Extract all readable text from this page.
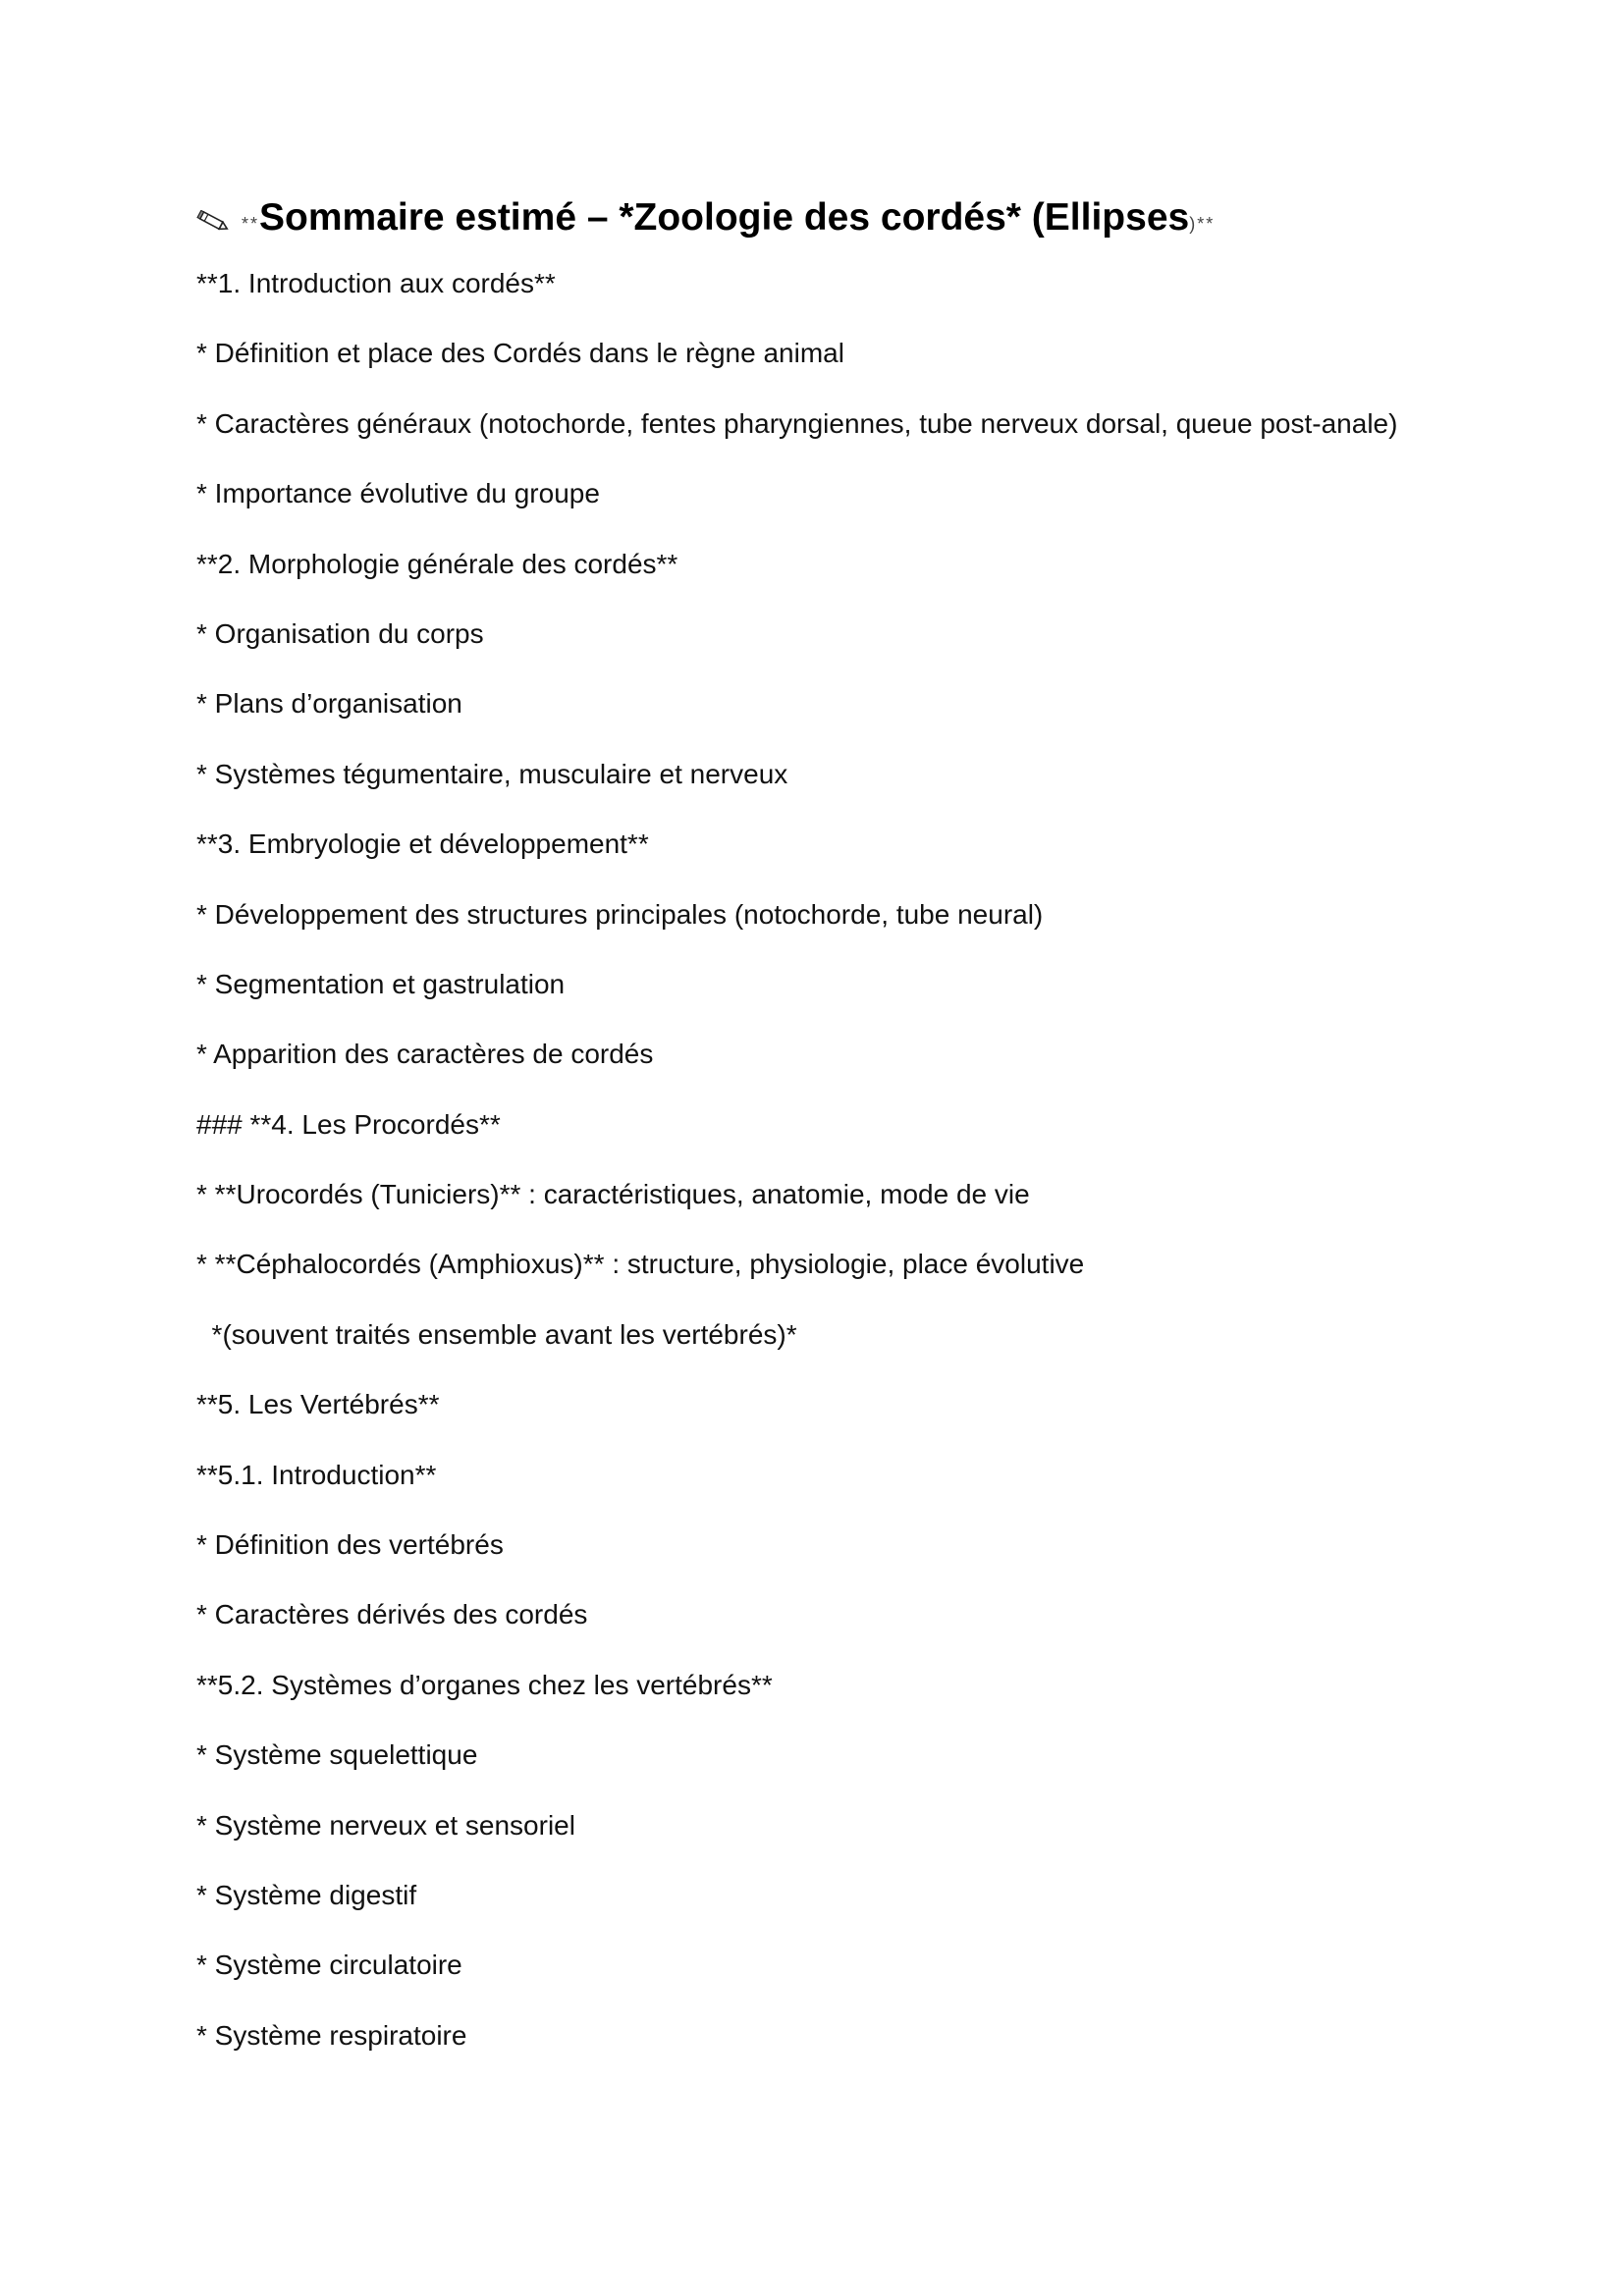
** Sommaire estimé – *Zoologie des cordés* (Ellipses )**
**1. Introduction aux cordés**
* Définition et place des Cordés dans le règne animal
* Caractères généraux (notochorde, fentes pharyngiennes, tube nerveux dorsal, queue post-anale)
* Importance évolutive du groupe
**2. Morphologie générale des cordés**
* Organisation du corps
* Plans d’organisation
* Systèmes tégumentaire, musculaire et nerveux
**3. Embryologie et développement**
* Développement des structures principales (notochorde, tube neural)
* Segmentation et gastrulation
* Apparition des caractères de cordés
### **4. Les Procordés**
* **Urocordés (Tuniciers)** : caractéristiques, anatomie, mode de vie
* **Céphalocordés (Amphioxus)** : structure, physiologie, place évolutive
*(souvent traités ensemble avant les vertébrés)*
**5. Les Vertébrés**
**5.1. Introduction**
* Définition des vertébrés
* Caractères dérivés des cordés
**5.2. Systèmes d’organes chez les vertébrés**
* Système squelettique
* Système nerveux et sensoriel
* Système digestif
* Système circulatoire
* Système respiratoire
